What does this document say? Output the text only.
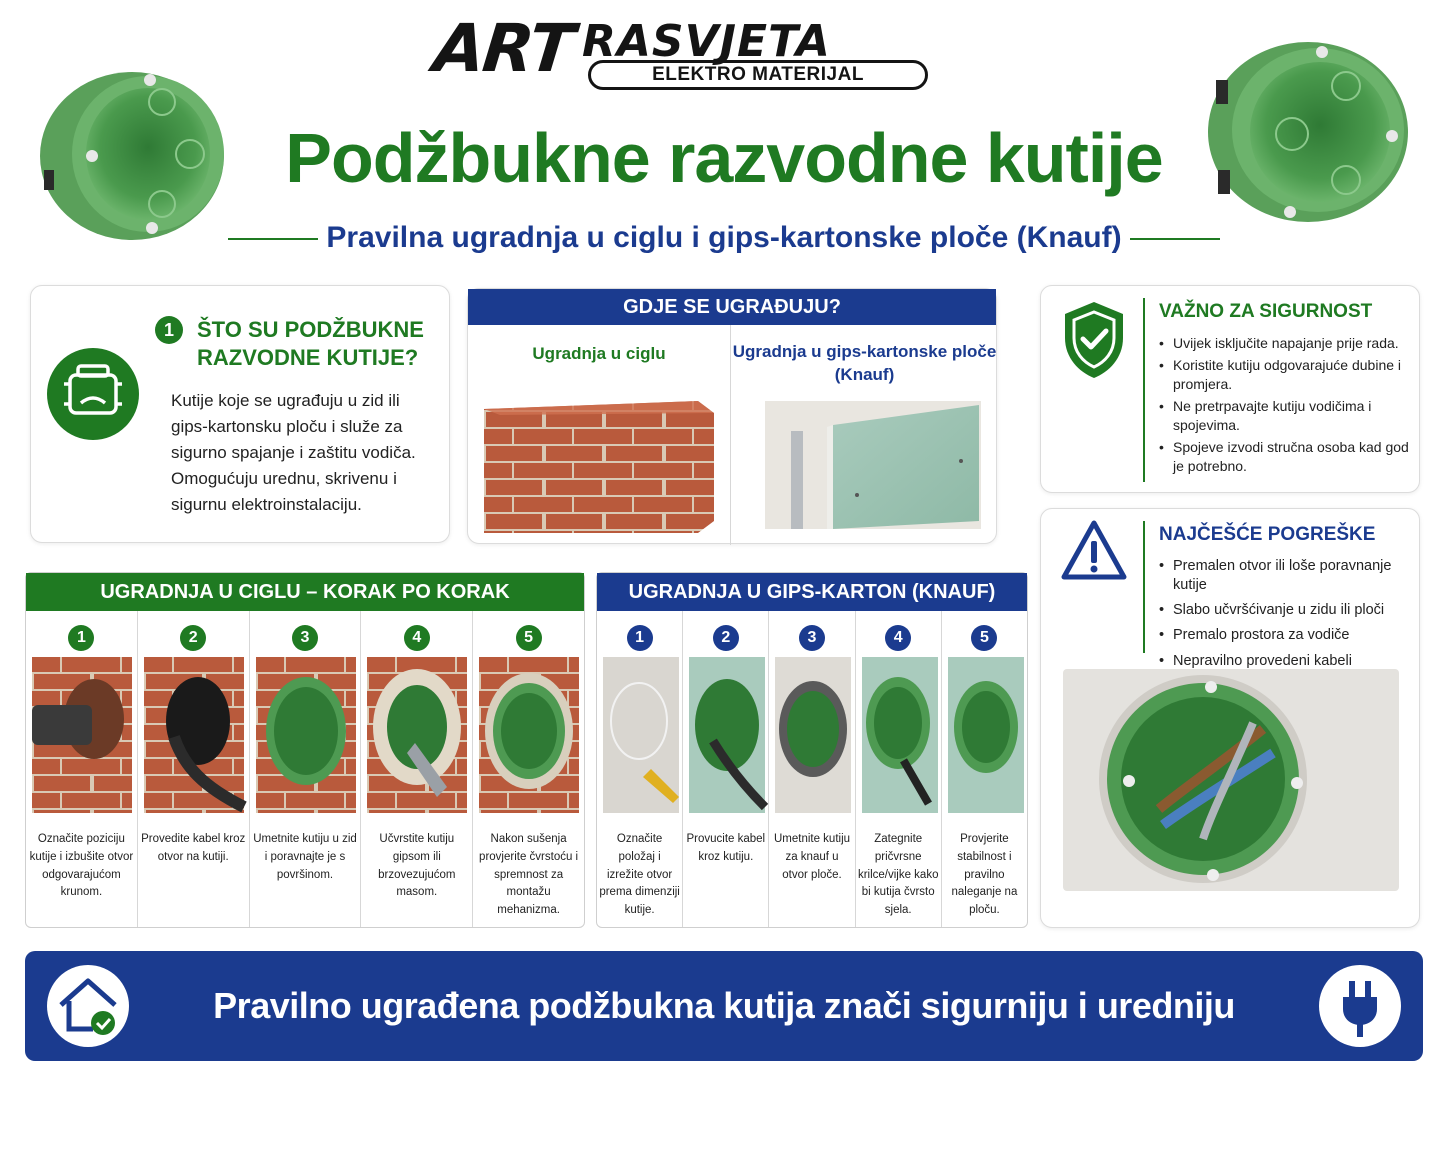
ART RASVJETA
ELEKTRO MATERIJAL
Podžbukne razvodne kutije
Pravilna ugradnja u ciglu i gips-kartonske ploče (Knauf)
1	ŠTO SU PODŽBUKNE RAZVODNE KUTIJE?

Kutije koje se ugrađuju u zid ili gips-kartonsku ploču i služe za sigurno spajanje i zaštitu vodiča. Omogućuju urednu, skrivenu i sigurnu elektroinstalaciju.

GDJE SE UGRAĐUJU?
Ugradnja u ciglu	Ugradnja u gips-kartonske ploče (Knauf)
VAŽNO ZA SIGURNOST
• Uvijek isključite napajanje prije rada.
• Koristite kutiju odgovarajuće dubine i promjera.
• Ne pretrpavajte kutiju vodičima i spojevima.
• Spojeve izvodi stručna osoba kad god je potrebno.
NAJČEŠĆE POGREŠKE
• Premalen otvor ili loše poravnanje kutije
• Slabo učvršćivanje u zidu ili ploči
• Premalo prostora za vodiče
• Nepravilno provedeni kabeli
UGRADNJA U CIGLU – KORAK PO KORAK
1
Označite poziciju kutije i izbušite otvor odgovarajućom krunom.
2
Provedite kabel kroz otvor na kutiji.
3
Umetnite kutiju u zid i poravnajte je s površinom.
4
Učvrstite kutiju gipsom ili brzovezujućom masom.
5
Nakon sušenja provjerite čvrstoću i spremnost za montažu mehanizma.
UGRADNJA U GIPS-KARTON (KNAUF)
1
Označite položaj i izrežite otvor prema dimenziji kutije.
2
Provucite kabel kroz kutiju.
3
Umetnite kutiju za knauf u otvor ploče.
4
Zategnite pričvrsne krilce/vijke kako bi kutija čvrsto sjela.
5
Provjerite stabilnost i pravilno naleganje na ploču.
Pravilno ugrađena podžbukna kutija znači sigurniju i uredniju instalaciju.
